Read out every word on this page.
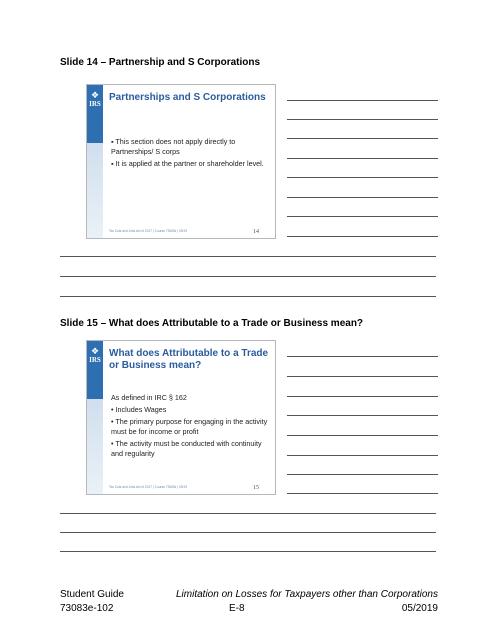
Slide 14 – Partnership and S Corporations
❖
IRS
Partnerships and S Corporations
▪ This section does not apply directly to Partnerships/ S corps
▪ It is applied at the partner or shareholder level.
Tax Cuts and Jobs Act of 2017 | Course 73083e | 05/19	14
Slide 15 – What does Attributable to a Trade or Business mean?
❖
IRS
What does Attributable to a Trade or Business mean?
As defined in IRC § 162
• Includes Wages
• The primary purpose for engaging in the activity must be for income or profit
• The activity must be conducted with continuity and regularity
Tax Cuts and Jobs Act of 2017 | Course 73083e | 05/19	15
Student Guide
73083e-102
Limitation on Losses for Taxpayers other than Corporations
E-8	05/2019
